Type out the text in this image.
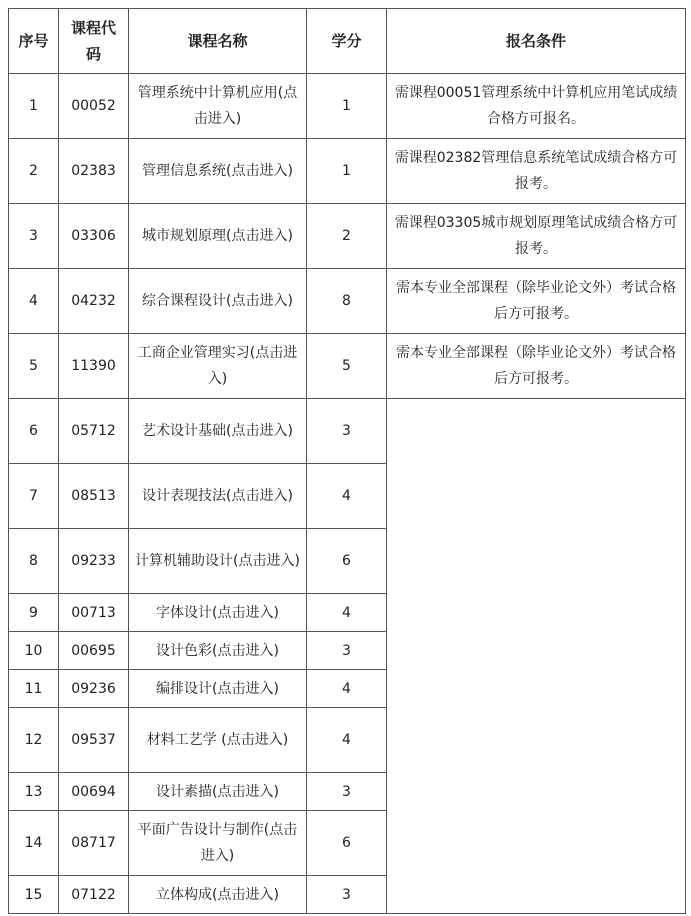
序号	课程代码	课程名称	学分	报名条件
1	00052	管理系统中计算机应用(点击进入)	1	需课程00051管理系统中计算机应用笔试成绩合格方可报名。
2	02383	管理信息系统(点击进入)	1	需课程02382管理信息系统笔试成绩合格方可报考。
3	03306	城市规划原理(点击进入)	2	需课程03305城市规划原理笔试成绩合格方可报考。
4	04232	综合课程设计(点击进入)	8	需本专业全部课程（除毕业论文外）考试合格后方可报考。
5	11390	工商企业管理实习(点击进入)	5	需本专业全部课程（除毕业论文外）考试合格后方可报考。
6	05712	艺术设计基础(点击进入)	3	
7	08513	设计表现技法(点击进入)	4	
8	09233	计算机辅助设计(点击进入)	6	
9	00713	字体设计(点击进入)	4	
10	00695	设计色彩(点击进入)	3	
11	09236	编排设计(点击进入)	4	
12	09537	材料工艺学 (点击进入)	4	
13	00694	设计素描(点击进入)	3	
14	08717	平面广告设计与制作(点击进入)	6	
15	07122	立体构成(点击进入)	3	
